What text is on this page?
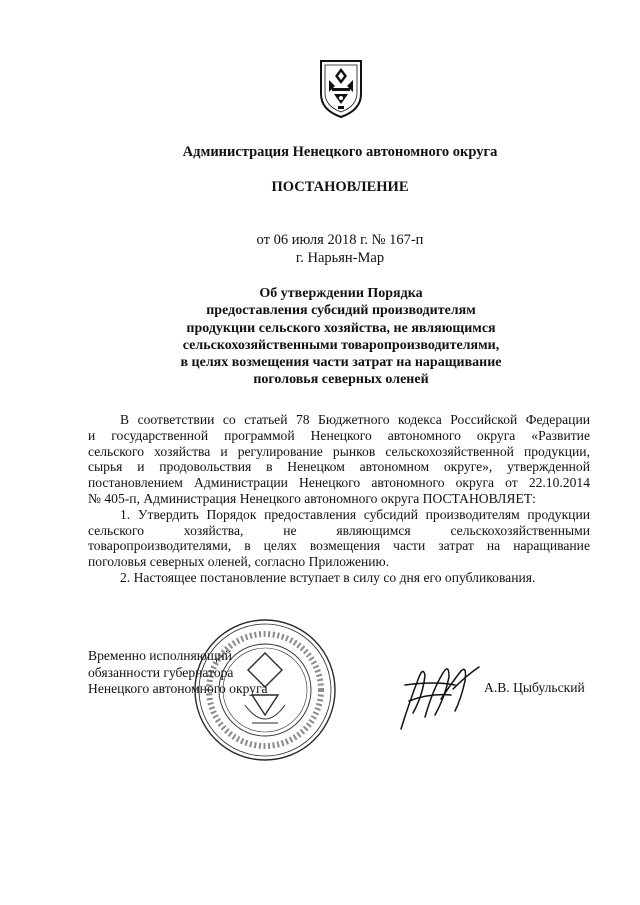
Администрация Ненецкого автономного округа
ПОСТАНОВЛЕНИЕ
от 06 июля 2018 г. № 167-п
г. Нарьян-Мар
Об утверждении Порядка
предоставления субсидий производителям
продукции сельского хозяйства, не являющимся
сельскохозяйственными товаропроизводителями,
в целях возмещения части затрат на наращивание
поголовья северных оленей
В соответствии со статьей 78 Бюджетного кодекса Российской Федерации
и государственной программой Ненецкого автономного округа «Развитие
сельского хозяйства и регулирование рынков сельскохозяйственной продукции,
сырья и продовольствия в Ненецком автономном округе», утвержденной
постановлением Администрации Ненецкого автономного округа от 22.10.2014
№ 405-п, Администрация Ненецкого автономного округа ПОСТАНОВЛЯЕТ:
1. Утвердить Порядок предоставления субсидий производителям продукции
сельского хозяйства, не являющимся сельскохозяйственными
товаропроизводителями, в целях возмещения части затрат на наращивание
поголовья северных оленей, согласно Приложению.
2. Настоящее постановление вступает в силу со дня его опубликования.
Временно исполняющий
обязанности губернатора
Ненецкого автономного округа	А.В. Цыбульский
